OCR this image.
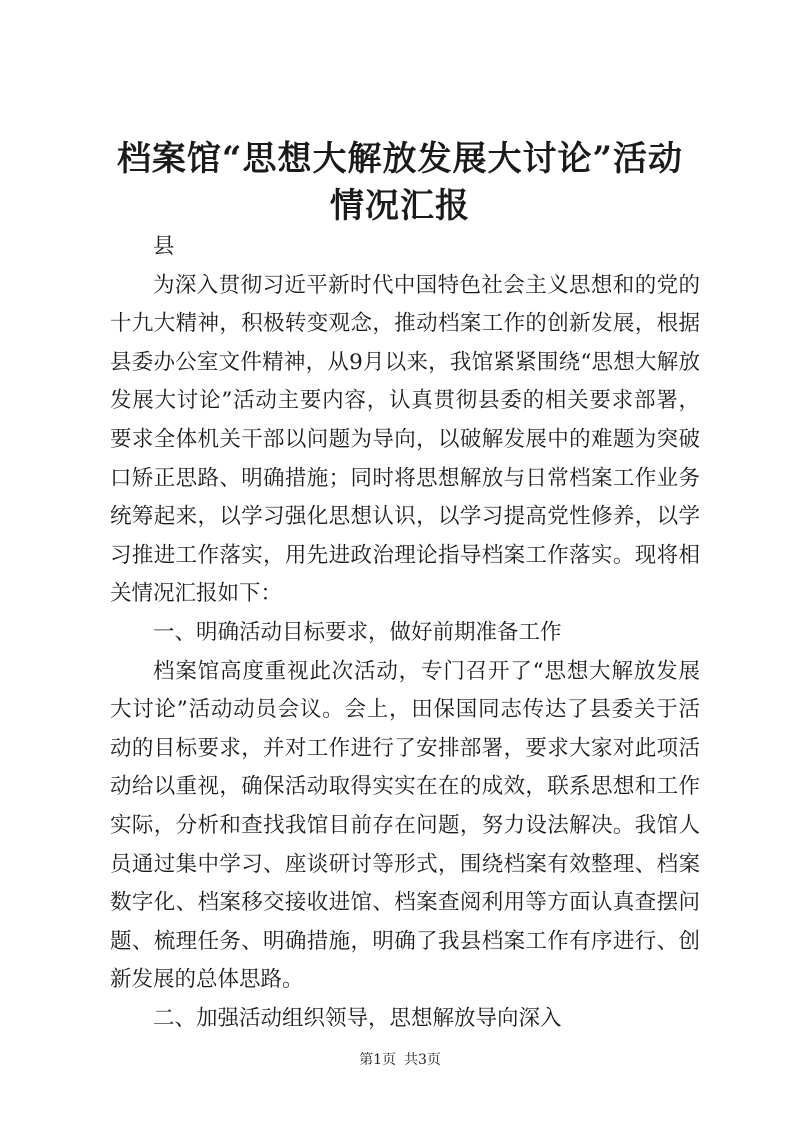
档案馆“思想大解放发展大讨论”活动情况汇报

县

为深入贯彻习近平新时代中国特色社会主义思想和的党的十九大精神，积极转变观念，推动档案工作的创新发展，根据县委办公室文件精神，从9月以来，我馆紧紧围绕“思想大解放发展大讨论”活动主要内容，认真贯彻县委的相关要求部署，要求全体机关干部以问题为导向，以破解发展中的难题为突破口矫正思路、明确措施；同时将思想解放与日常档案工作业务统筹起来，以学习强化思想认识，以学习提高党性修养，以学习推进工作落实，用先进政治理论指导档案工作落实。现将相关情况汇报如下：

一、明确活动目标要求，做好前期准备工作

档案馆高度重视此次活动，专门召开了“思想大解放发展大讨论”活动动员会议。会上，田保国同志传达了县委关于活动的目标要求，并对工作进行了安排部署，要求大家对此项活动给以重视，确保活动取得实实在在的成效，联系思想和工作实际，分析和查找我馆目前存在问题，努力设法解决。我馆人员通过集中学习、座谈研讨等形式，围绕档案有效整理、档案数字化、档案移交接收进馆、档案查阅利用等方面认真查摆问题、梳理任务、明确措施，明确了我县档案工作有序进行、创新发展的总体思路。

二、加强活动组织领导，思想解放导向深入

第1页 共3页
